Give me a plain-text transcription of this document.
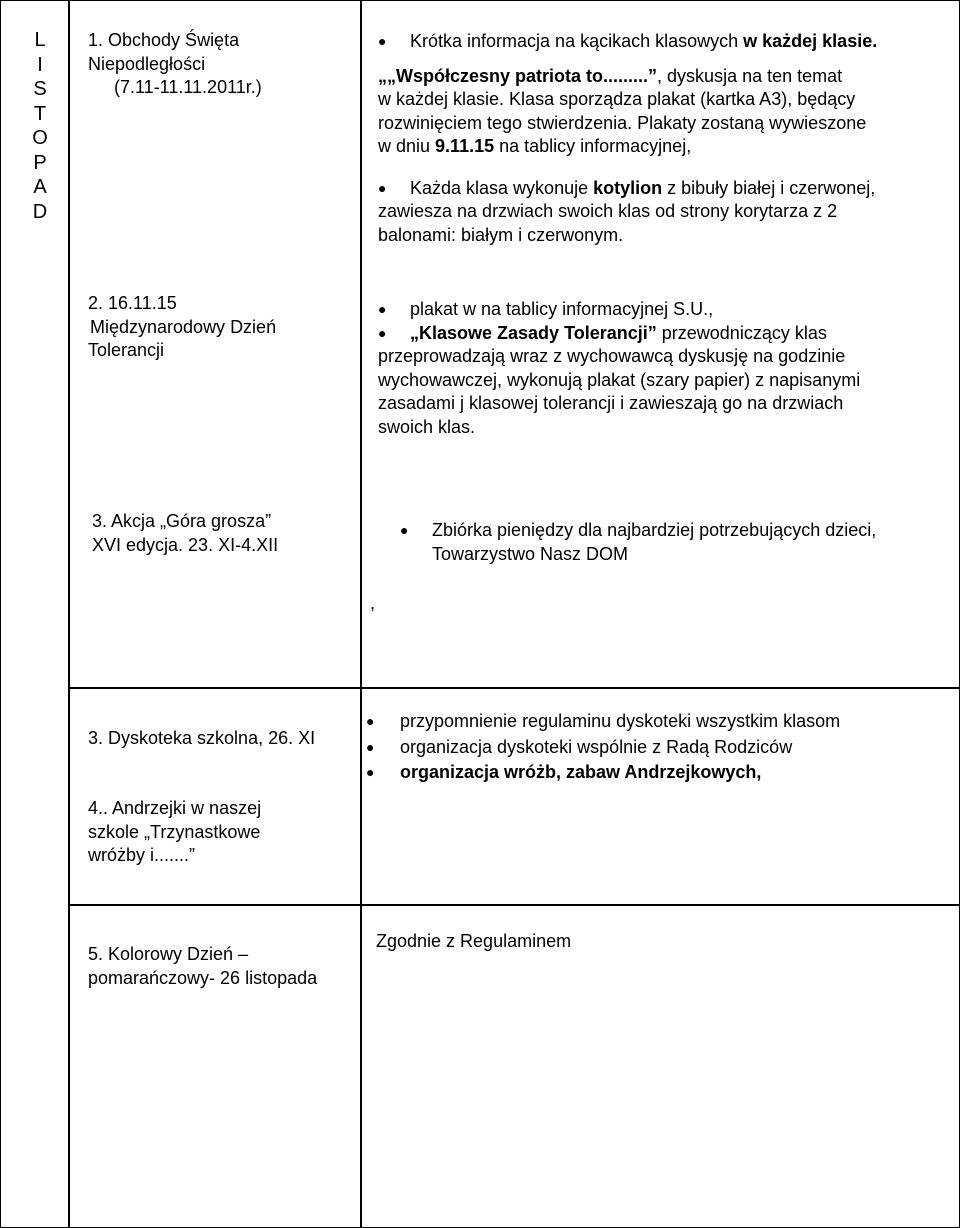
L
I
S
T
O
P
A
D
1. Obchody Święta
Niepodległości
(7.11-11.11.2011r.)
2. 16.11.15
Międzynarodowy Dzień
Tolerancji
3. Akcja „Góra grosza”
XVI edycja. 23. XI-4.XII
3. Dyskoteka szkolna, 26. XI
4.. Andrzejki w naszej
szkole „Trzynastkowe
wróżby i.......”
5. Kolorowy Dzień –
pomarańczowy- 26 listopada
● Krótka informacja na kącikach klasowych w każdej klasie.
„„Współczesny patriota to.........”, dyskusja na ten temat
w każdej klasie. Klasa sporządza plakat (kartka A3), będący
rozwinięciem tego stwierdzenia. Plakaty zostaną wywieszone
w dniu 9.11.15 na tablicy informacyjnej,
● Każda klasa wykonuje kotylion z bibuły białej i czerwonej,
zawiesza na drzwiach swoich klas od strony korytarza z 2
balonami: białym i czerwonym.
● plakat w na tablicy informacyjnej S.U.,
● „Klasowe Zasady Tolerancji” przewodniczący klas
przeprowadzają wraz z wychowawcą dyskusję na godzinie
wychowawczej, wykonują plakat (szary papier) z napisanymi
zasadami j klasowej tolerancji i zawieszają go na drzwiach
swoich klas.
● Zbiórka pieniędzy dla najbardziej potrzebujących dzieci,
Towarzystwo Nasz DOM
,
● przypomnienie regulaminu dyskoteki wszystkim klasom
● organizacja dyskoteki wspólnie z Radą Rodziców
● organizacja wróżb, zabaw Andrzejkowych,
Zgodnie z Regulaminem
